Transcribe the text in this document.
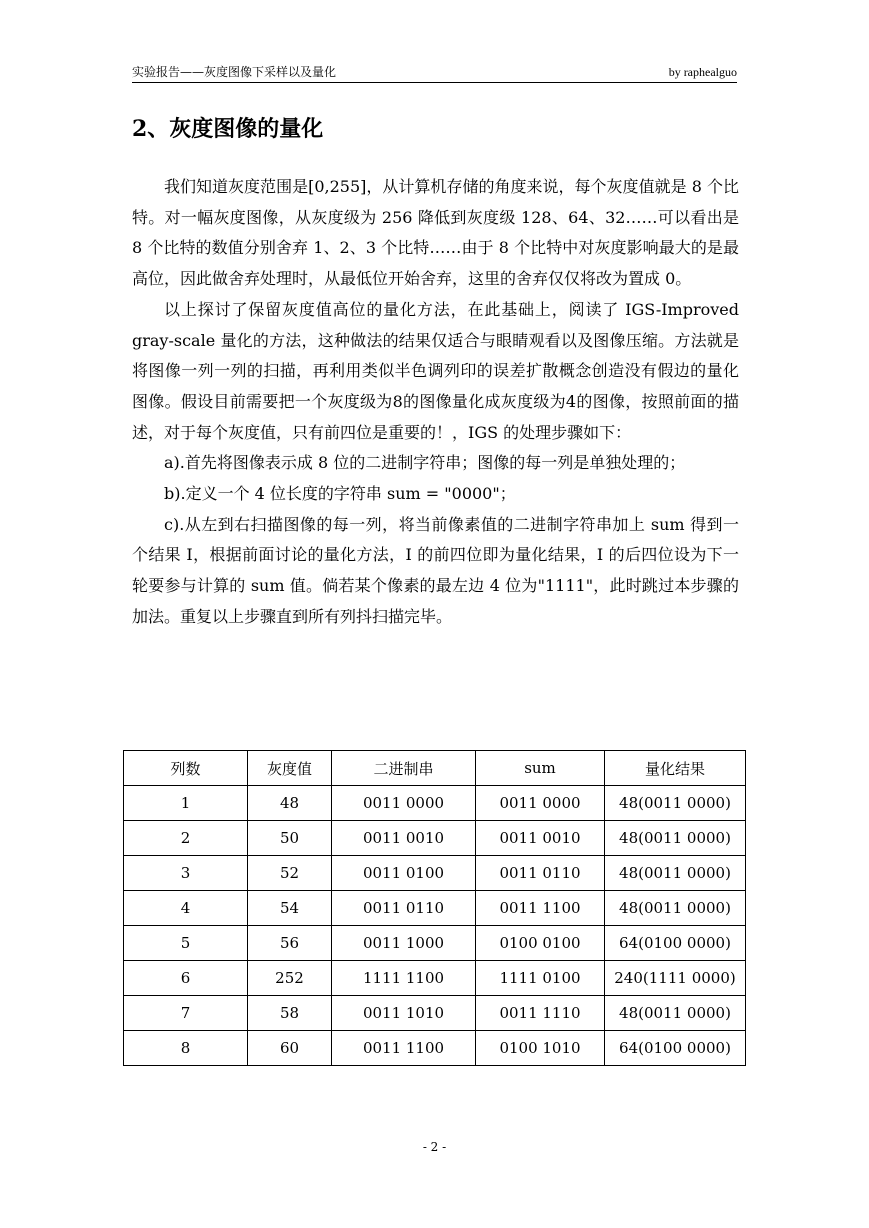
实验报告——灰度图像下采样以及量化	by raphealguo
2、灰度图像的量化

我们知道灰度范围是[0,255]，从计算机存储的角度来说，每个灰度值就是 8 个比特。对一幅灰度图像，从灰度级为 256 降低到灰度级 128、64、32……可以看出是 8 个比特的数值分别舍弃 1、2、3 个比特……由于 8 个比特中对灰度影响最大的是最高位，因此做舍弃处理时，从最低位开始舍弃，这里的舍弃仅仅将改为置成 0。

以上探讨了保留灰度值高位的量化方法，在此基础上，阅读了 IGS-Improved gray-scale 量化的方法，这种做法的结果仅适合与眼睛观看以及图像压缩。方法就是将图像一列一列的扫描，再利用类似半色调列印的误差扩散概念创造没有假边的量化图像。假设目前需要把一个灰度级为8的图像量化成灰度级为4的图像，按照前面的描述，对于每个灰度值，只有前四位是重要的！，IGS 的处理步骤如下：

a).首先将图像表示成 8 位的二进制字符串；图像的每一列是单独处理的；

b).定义一个 4 位长度的字符串 sum = "0000"；

c).从左到右扫描图像的每一列，将当前像素值的二进制字符串加上 sum 得到一个结果 I，根据前面讨论的量化方法，I 的前四位即为量化结果，I 的后四位设为下一轮要参与计算的 sum 值。倘若某个像素的最左边 4 位为"1111"，此时跳过本步骤的加法。重复以上步骤直到所有列抖扫描完毕。

列数	灰度值	二进制串	sum	量化结果
1	48	0011 0000	0011 0000	48(0011 0000)
2	50	0011 0010	0011 0010	48(0011 0000)
3	52	0011 0100	0011 0110	48(0011 0000)
4	54	0011 0110	0011 1100	48(0011 0000)
5	56	0011 1000	0100 0100	64(0100 0000)
6	252	1111 1100	1111 0100	240(1111 0000)
7	58	0011 1010	0011 1110	48(0011 0000)
8	60	0011 1100	0100 1010	64(0100 0000)
- 2 -
